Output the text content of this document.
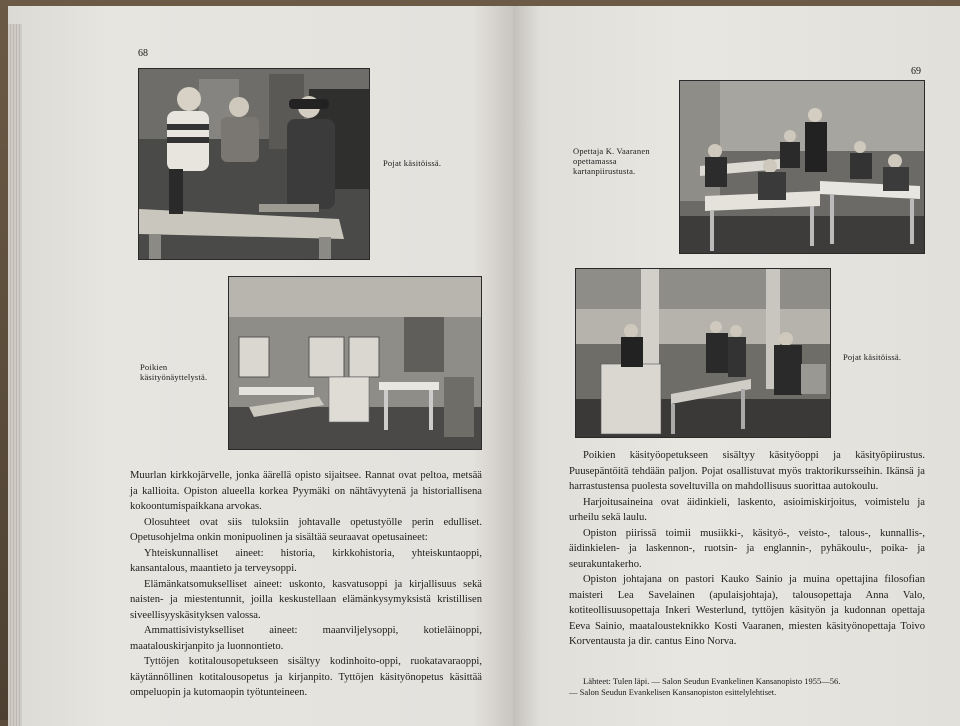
68
Pojat käsitöissä.
Poikien käsityönäyttelystä.

Muurlan kirkkojärvelle, jonka äärellä opisto sijaitsee. Rannat ovat peltoa, metsää ja kallioita. Opiston alueella korkea Pyymäki on nähtävyytenä ja historiallisena kokoontumispaikkana arvokas.

Olosuhteet ovat siis tuloksiin johtavalle opetustyölle perin edulliset. Opetusohjelma onkin monipuolinen ja sisältää seuraavat opetusaineet:

Yhteiskunnalliset aineet: historia, kirkkohistoria, yhteiskuntaoppi, kansantalous, maantieto ja terveysoppi.

Elämänkatsomukselliset aineet: uskonto, kasvatusoppi ja kirjallisuus sekä naisten- ja miestentunnit, joilla keskustellaan elämänkysymyksistä kristillisen siveellisyyskäsityksen valossa.

Ammattisivistykselliset aineet: maanviljelysoppi, kotieläinoppi, maatalouskirjanpito ja luonnontieto.

Tyttöjen kotitalousopetukseen sisältyy kodinhoito-oppi, ruokatavaraoppi, käytännöllinen kotitalousopetus ja kirjanpito. Tyttöjen käsityönopetus käsittää ompeluopin ja kutomaopin työtunteineen.

69
Opettaja K. Vaaranen opettamassa kartanpiirustusta.
Pojat käsitöissä.

Poikien käsityöopetukseen sisältyy käsityöoppi ja käsityöpiirustus. Puusepäntöitä tehdään paljon. Pojat osallistuvat myös traktorikursseihin. Ikänsä ja harrastustensa puolesta soveltuvilla on mahdollisuus suorittaa autokoulu.

Harjoitusaineina ovat äidinkieli, laskento, asioimiskirjoitus, voimistelu ja urheilu sekä laulu.

Opiston piirissä toimii musiikki-, käsityö-, veisto-, talous-, kunnallis-, äidinkielen- ja laskennon-, ruotsin- ja englannin-, pyhäkoulu-, poika- ja seurakuntakerho.

Opiston johtajana on pastori Kauko Sainio ja muina opettajina filosofian maisteri Lea Savelainen (apulaisjohtaja), talousopettaja Anna Valo, kotiteollisuusopettaja Inkeri Westerlund, tyttöjen käsityön ja kudonnan opettaja Eeva Sainio, maatalousteknikko Kosti Vaaranen, miesten käsityönopettaja Toivo Korventausta ja dir. cantus Eino Norva.

Lähteet: Tulen läpi. — Salon Seudun Evankelinen Kansanopisto 1955—56.
— Salon Seudun Evankelisen Kansanopiston esittelylehtiset.
